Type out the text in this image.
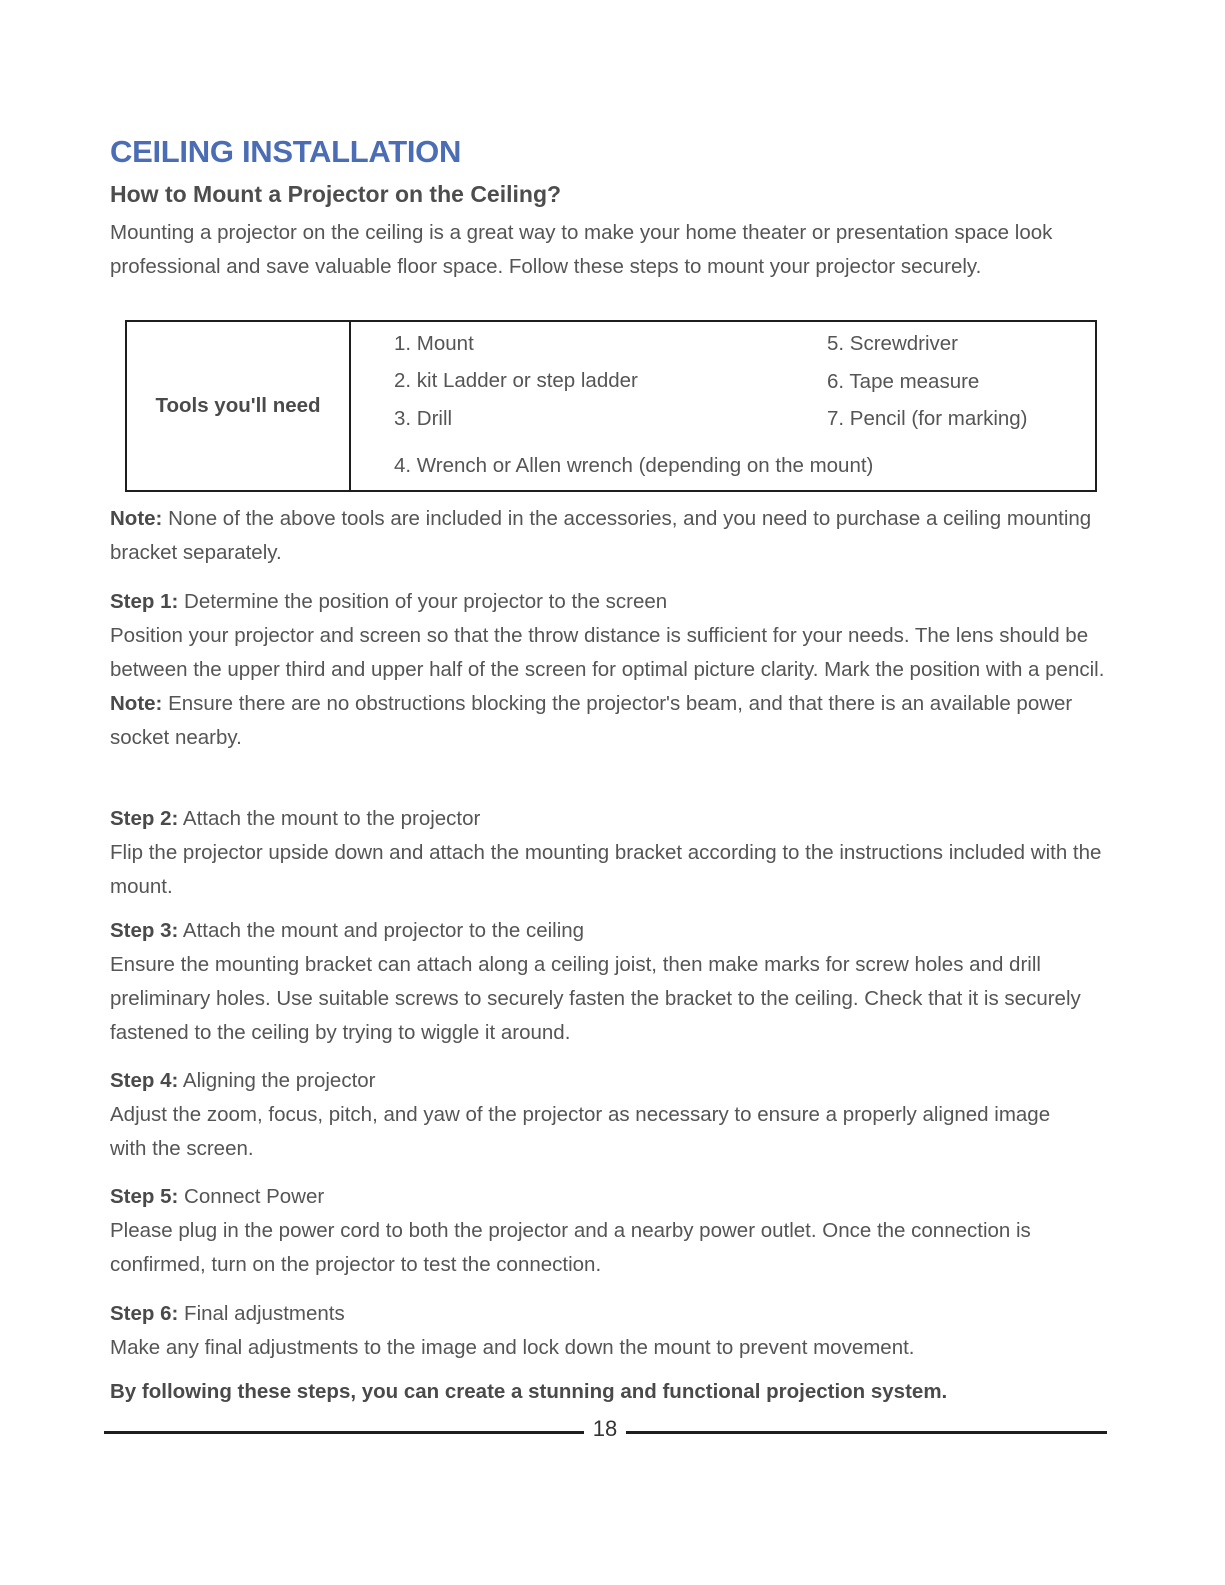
CEILING INSTALLATION
How to Mount a Projector on the Ceiling?

Mounting a projector on the ceiling is a great way to make your home theater or presentation space look professional and save valuable floor space. Follow these steps to mount your projector securely.

Tools you'll need
1. Mount
2. kit Ladder or step ladder
3. Drill
4. Wrench or Allen wrench (depending on the mount)
5. Screwdriver
6. Tape measure
7. Pencil (for marking)

Note: None of the above tools are included in the accessories, and you need to purchase a ceiling mounting bracket separately.

Step 1: Determine the position of your projector to the screen
Position your projector and screen so that the throw distance is sufficient for your needs. The lens should be between the upper third and upper half of the screen for optimal picture clarity. Mark the position with a pencil.
Note: Ensure there are no obstructions blocking the projector's beam, and that there is an available power socket nearby.
Step 2: Attach the mount to the projector
Flip the projector upside down and attach the mounting bracket according to the instructions included with the mount.
Step 3: Attach the mount and projector to the ceiling
Ensure the mounting bracket can attach along a ceiling joist, then make marks for screw holes and drill preliminary holes. Use suitable screws to securely fasten the bracket to the ceiling. Check that it is securely fastened to the ceiling by trying to wiggle it around.
Step 4: Aligning the projector
Adjust the zoom, focus, pitch, and yaw of the projector as necessary to ensure a properly aligned image with the screen.
Step 5: Connect Power
Please plug in the power cord to both the projector and a nearby power outlet. Once the connection is confirmed, turn on the projector to test the connection.
Step 6: Final adjustments
Make any final adjustments to the image and lock down the mount to prevent movement.

By following these steps, you can create a stunning and functional projection system.

18
